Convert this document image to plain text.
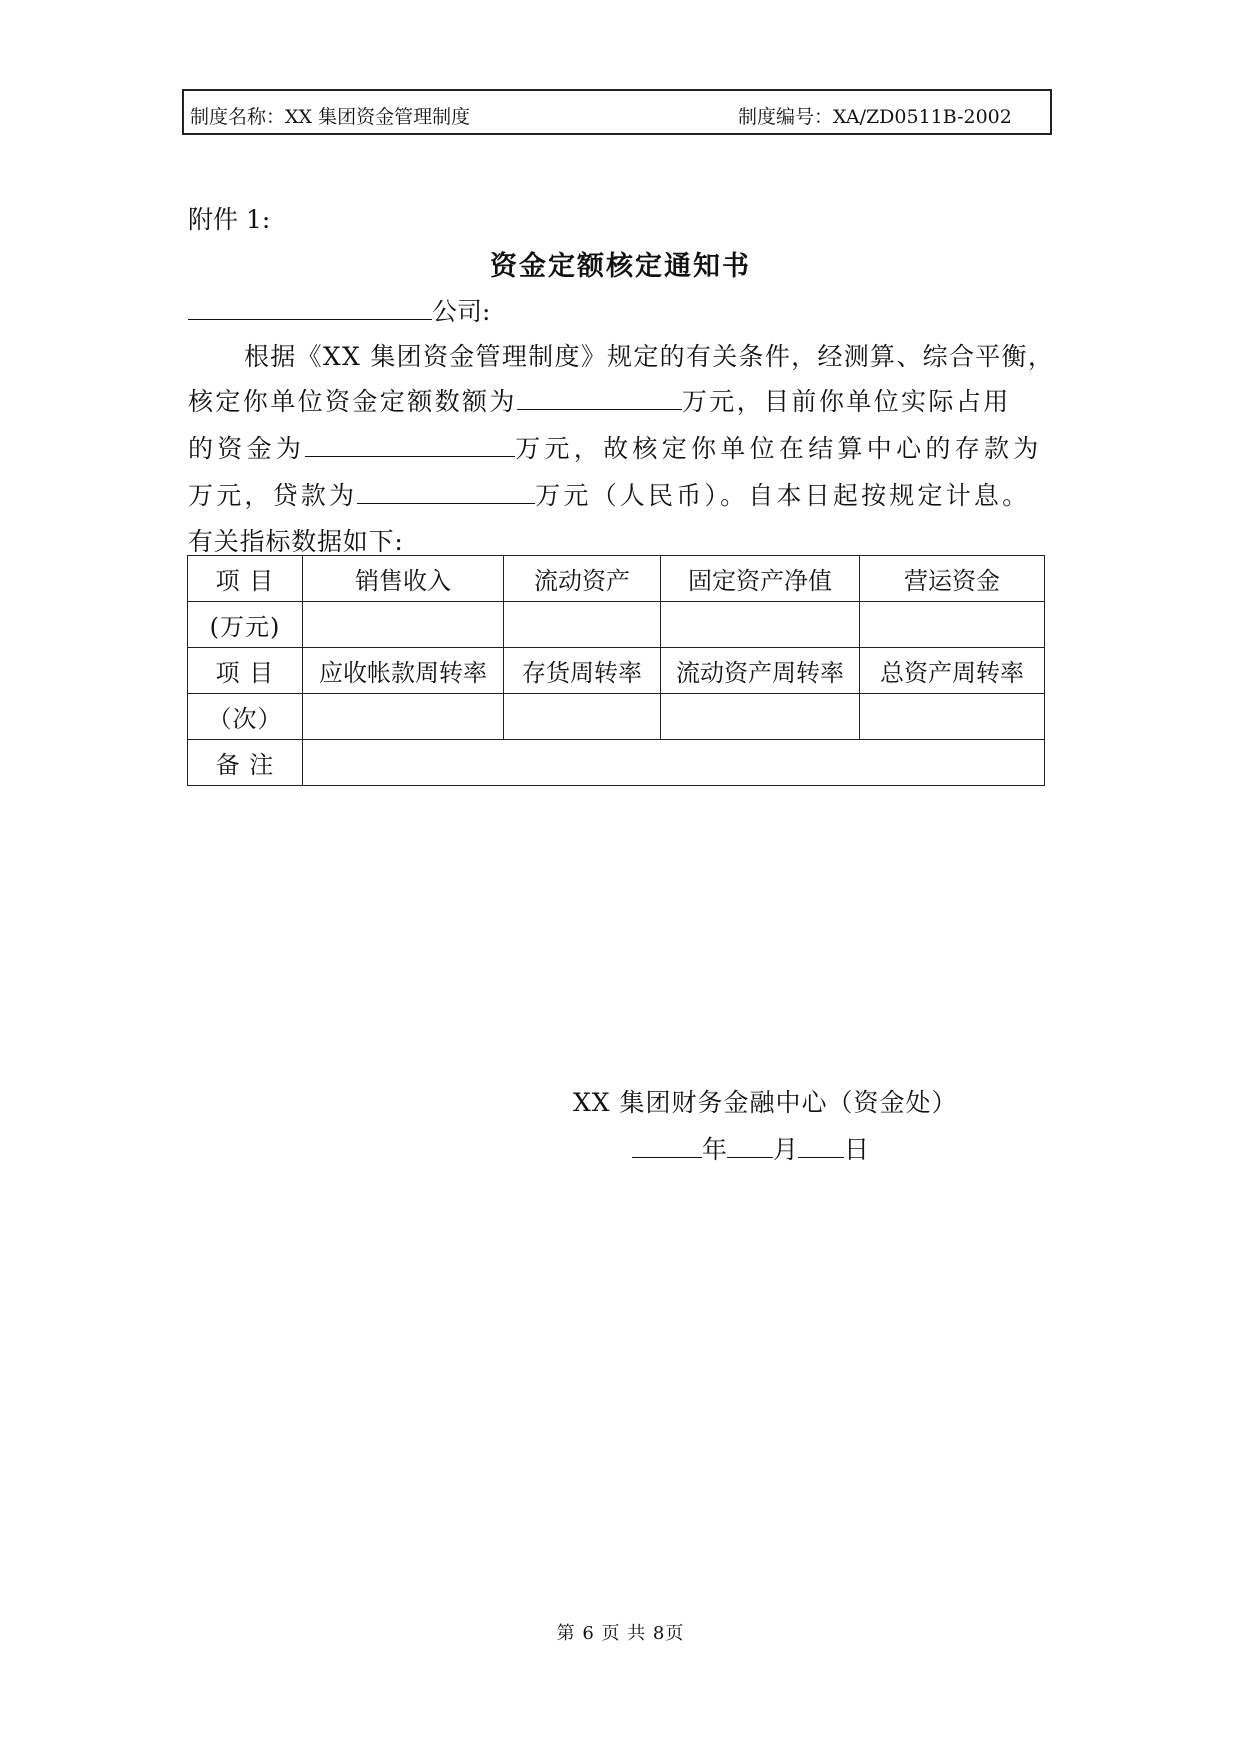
制度名称：XX 集团资金管理制度	制度编号：XA/ZD0511B-2002
附件 1:
资金定额核定通知书
公司:
根据《XX 集团资金管理制度》规定的有关条件，经测算、综合平衡，
核定你单位资金定额数额为	万元，目前你单位实际占用
的资金为	万元，故核定你单位在结算中心的存款为
万元，贷款为	万元（人民币）。自本日起按规定计息。
有关指标数据如下:
项 目	销售收入	流动资产	固定资产净值	营运资金
(万元)				
项 目	应收帐款周转率	存货周转率	流动资产周转率	总资产周转率
（次）				
备 注				
XX 集团财务金融中心（资金处）
年 月 日
第 6 页 共 8页
